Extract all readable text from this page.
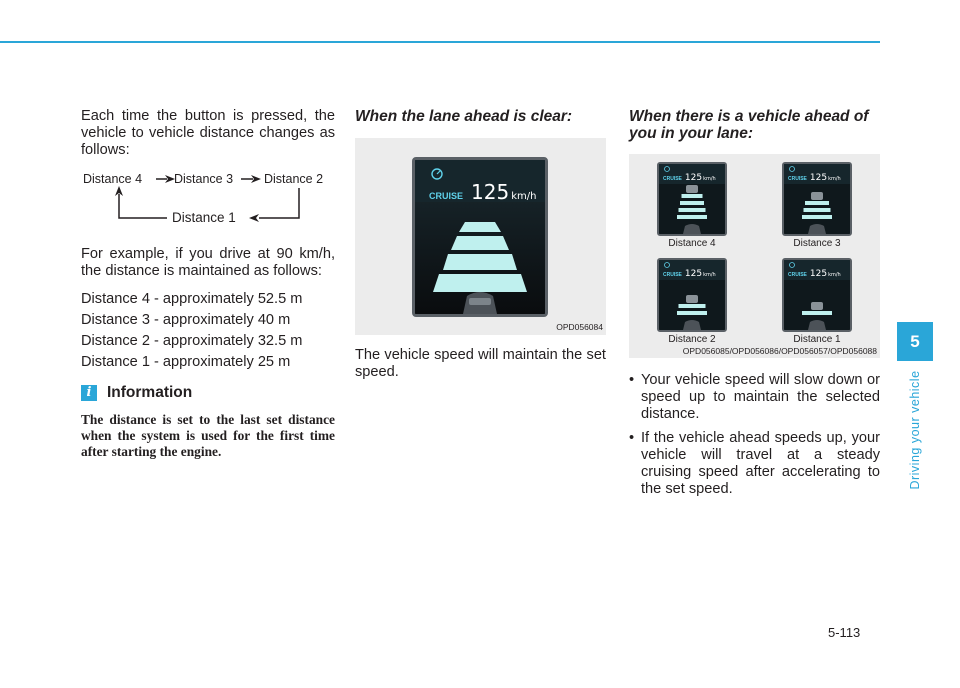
Each time the button is pressed, the vehicle to vehicle distance changes as follows:

Distance 4	Distance 3 Distance 2
Distance 1

For example, if you drive at 90 km/h, the distance is maintained as follows:

Distance 4 - approximately 52.5 m
Distance 3 - approximately 40 m
Distance 2 - approximately 32.5 m
Distance 1 - approximately 25 m
i	Information

The distance is set to the last set distance when the system is used for the first time after starting the engine.

When the lane ahead is clear:
CRUISE 125 km/h
OPD056084

The vehicle speed will maintain the set speed.

When there is a vehicle ahead of you in your lane:
CRUISE 125 km/h
Distance 4
CRUISE 125 km/h
Distance 3
CRUISE 125 km/h
Distance 2
CRUISE 125 km/h
Distance 1
OPD056085/OPD056086/OPD056057/OPD056088
• Your vehicle speed will slow down or speed up to maintain the selected distance.
• If the vehicle ahead speeds up, your vehicle will travel at a steady cruising speed after accelerating to the set speed.
5
Driving your vehicle
5-113
